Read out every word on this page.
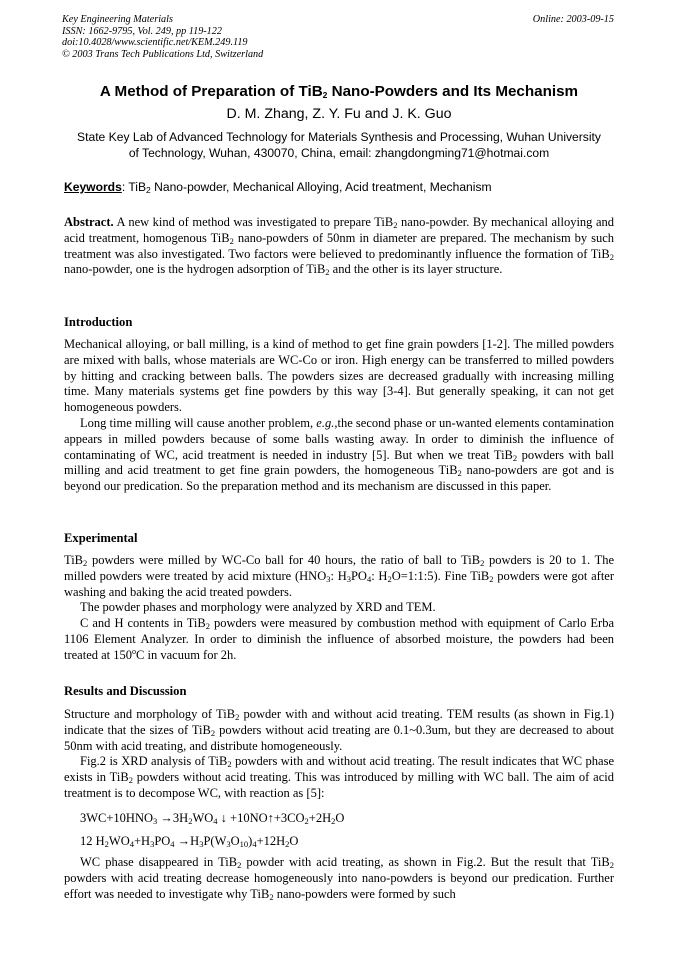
Key Engineering Materials
ISSN: 1662-9795, Vol. 249, pp 119-122
doi:10.4028/www.scientific.net/KEM.249.119
© 2003 Trans Tech Publications Ltd, Switzerland
Online: 2003-09-15
A Method of Preparation of TiB$_2$ Nano-Powders and Its Mechanism
D. M. Zhang, Z. Y. Fu and J. K. Guo
State Key Lab of Advanced Technology for Materials Synthesis and Processing, Wuhan University
of Technology, Wuhan, 430070, China, email: zhangdongming71@hotmai.com
Keywords: TiB$_2$ Nano-powder, Mechanical Alloying, Acid treatment, Mechanism

Abstract. A new kind of method was investigated to prepare TiB$_2$ nano-powder. By mechanical alloying and acid treatment, homogenous TiB$_2$ nano-powders of 50nm in diameter are prepared. The mechanism by such treatment was also investigated. Two factors were believed to predominantly influence the formation of TiB$_2$ nano-powder, one is the hydrogen adsorption of TiB$_2$ and the other is its layer structure.

Introduction

Mechanical alloying, or ball milling, is a kind of method to get fine grain powders [1-2]. The milled powders are mixed with balls, whose materials are WC-Co or iron. High energy can be transferred to milled powders by hitting and cracking between balls. The powders sizes are decreased gradually with increasing milling time. Many materials systems get fine powders by this way [3-4]. But generally speaking, it can not get homogeneous powders.

Long time milling will cause another problem, e.g.,the second phase or un-wanted elements contamination appears in milled powders because of some balls wasting away. In order to diminish the influence of contaminating of WC, acid treatment is needed in industry [5]. But when we treat TiB$_2$ powders with ball milling and acid treatment to get fine grain powders, the homogeneous TiB$_2$ nano-powders are got and is beyond our predication. So the preparation method and its mechanism are discussed in this paper.

Experimental

TiB$_2$ powders were milled by WC-Co ball for 40 hours, the ratio of ball to TiB$_2$ powders is 20 to 1. The milled powders were treated by acid mixture ($HNO_3$: $H_3PO_4$: $H_2O=1:1:5$). Fine TiB$_2$ powders were got after washing and baking the acid treated powders.

The powder phases and morphology were analyzed by XRD and TEM.

C and H contents in TiB$_2$ powders were measured by combustion method with equipment of Carlo Erba 1106 Element Analyzer. In order to diminish the influence of absorbed moisture, the powders had been treated at 150$^o$C in vacuum for 2h.

Results and Discussion

Structure and morphology of TiB$_2$ powder with and without acid treating. TEM results (as shown in Fig.1) indicate that the sizes of TiB$_2$ powders without acid treating are 0.1~0.3um, but they are decreased to about 50nm with acid treating, and distribute homogeneously.

Fig.2 is XRD analysis of TiB$_2$ powders with and without acid treating. The result indicates that WC phase exists in TiB$_2$ powders without acid treating. This was introduced by milling with WC ball. The aim of acid treatment is to decompose WC, with reaction as [5]:

$3WC+10HNO_3 \to 3H_2WO_4$ ↓ $+10NO↑+3CO_2+2H_2O$
12 $H_2WO_4+H_3PO_4 \to H_3P(W_3O_{10})_4+12H_2O$

WC phase disappeared in TiB$_2$ powder with acid treating, as shown in Fig.2. But the result that TiB$_2$ powders with acid treating decrease homogeneously into nano-powders is beyond our predication. Further effort was needed to investigate why TiB$_2$ nano-powders were formed by such
